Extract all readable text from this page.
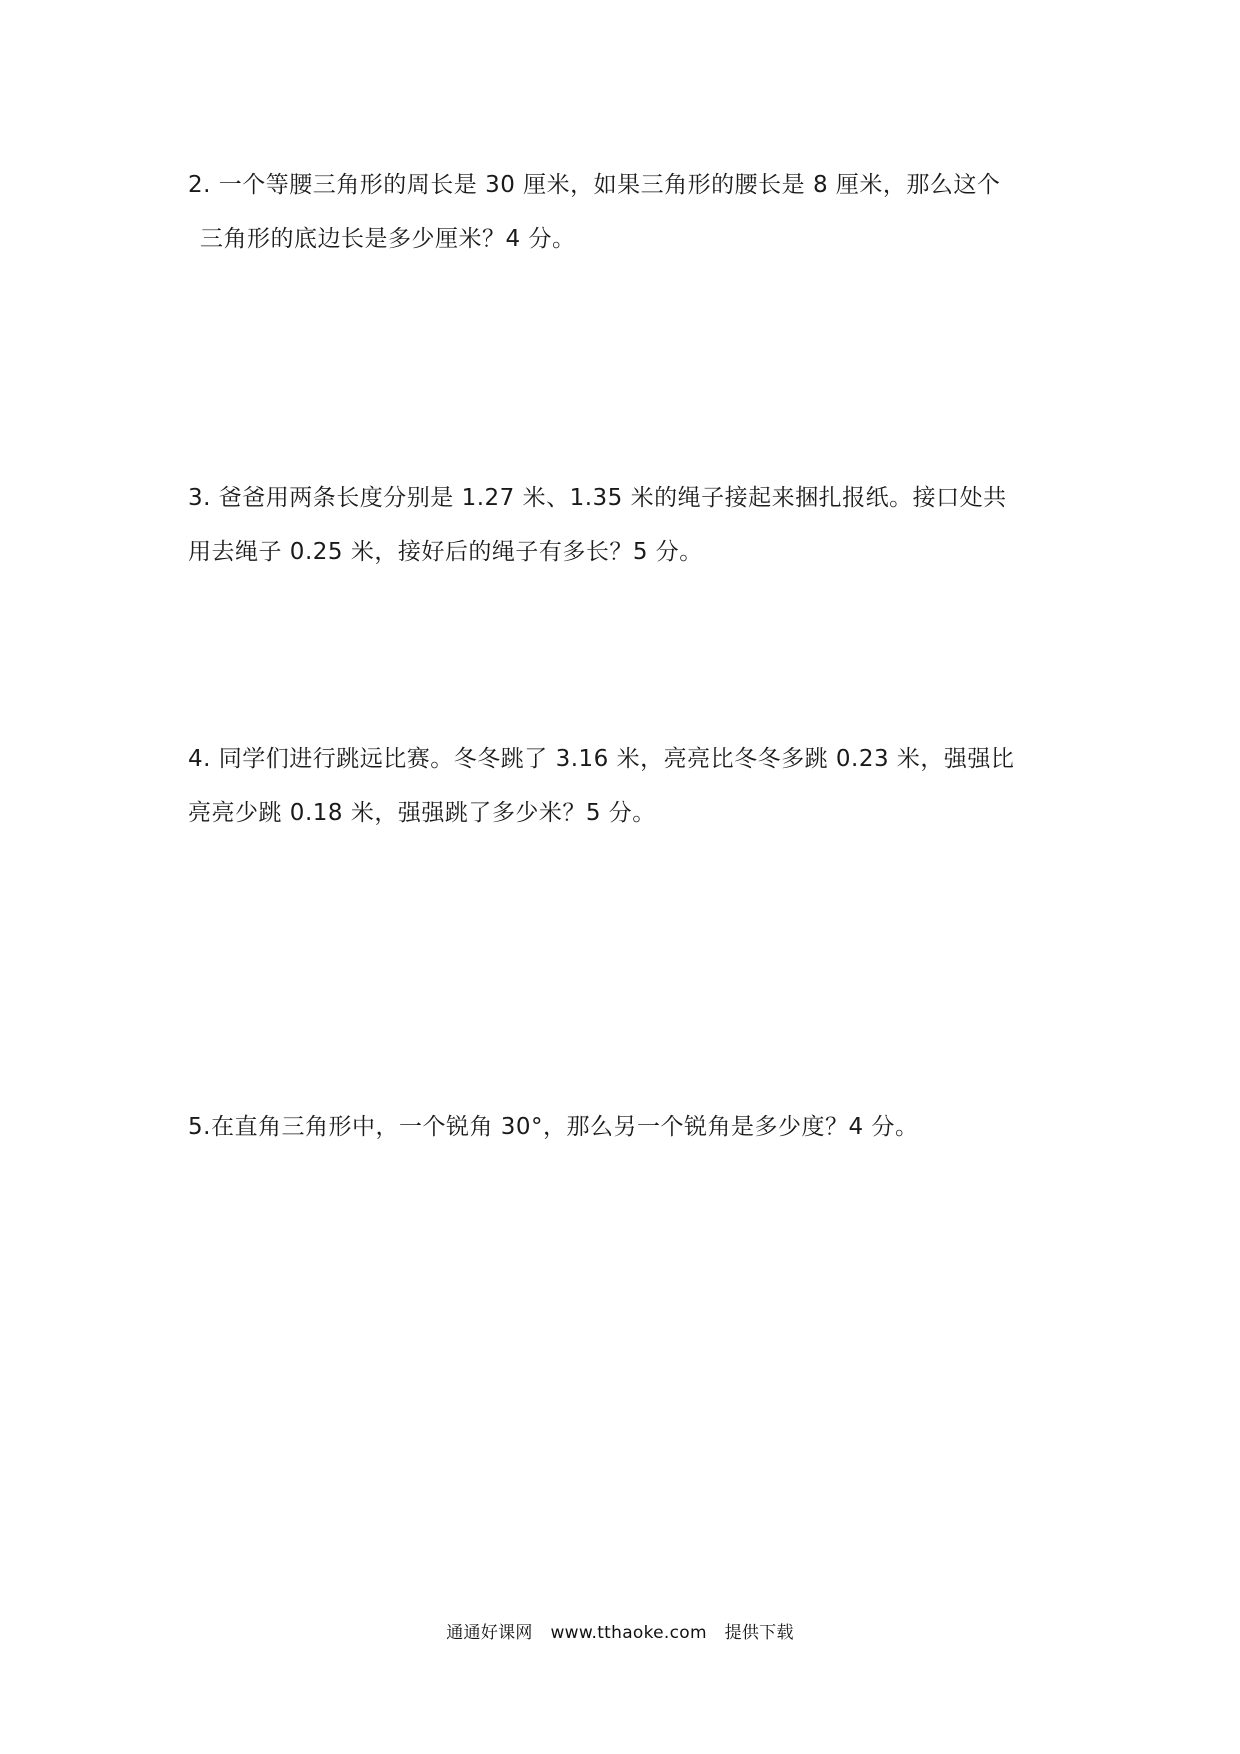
2. 一个等腰三角形的周长是 30 厘米，如果三角形的腰长是 8 厘米，那么这个
三角形的底边长是多少厘米？4 分。
3. 爸爸用两条长度分别是 1.27 米、1.35 米的绳子接起来捆扎报纸。接口处共
用去绳子 0.25 米，接好后的绳子有多长？5 分。
4. 同学们进行跳远比赛。冬冬跳了 3.16 米，亮亮比冬冬多跳 0.23 米，强强比
亮亮少跳 0.18 米，强强跳了多少米？5 分。
5.在直角三角形中，一个锐角 30°，那么另一个锐角是多少度？4 分。
通通好课网 www.tthaoke.com 提供下载
